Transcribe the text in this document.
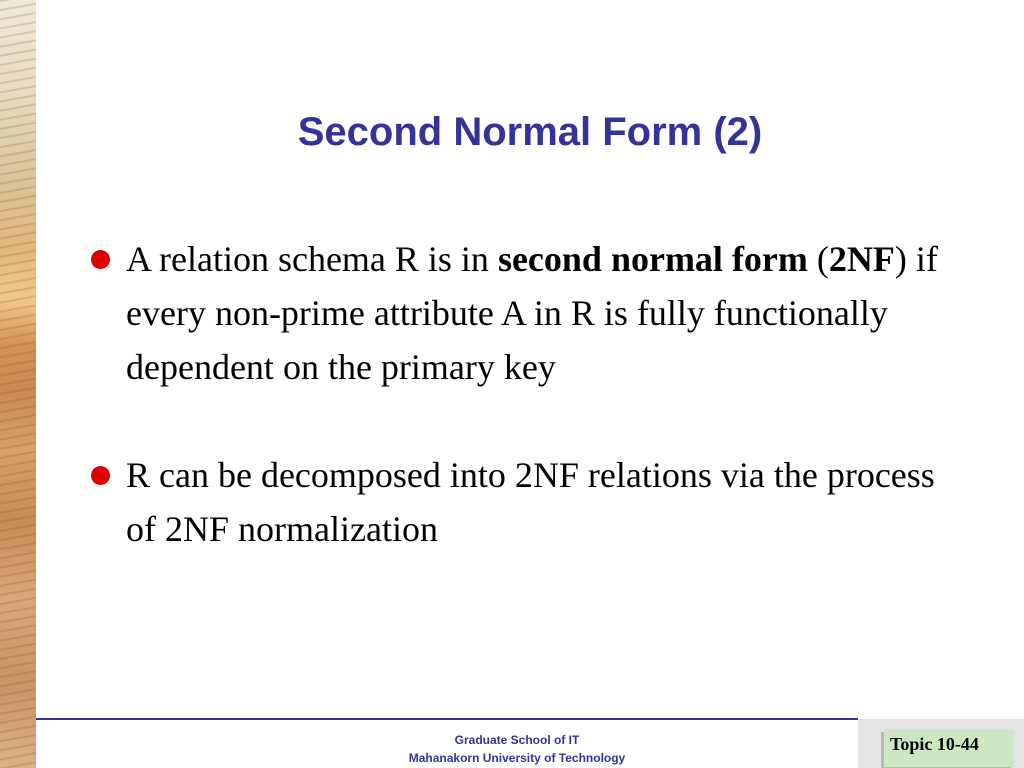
Second Normal Form (2)
A relation schema R is in second normal form (2NF) if every non-prime attribute A in R is fully functionally dependent on the primary key
R can be decomposed into 2NF relations via the process of 2NF normalization
Graduate School of IT
Mahanakorn University of Technology
Topic 10-44
